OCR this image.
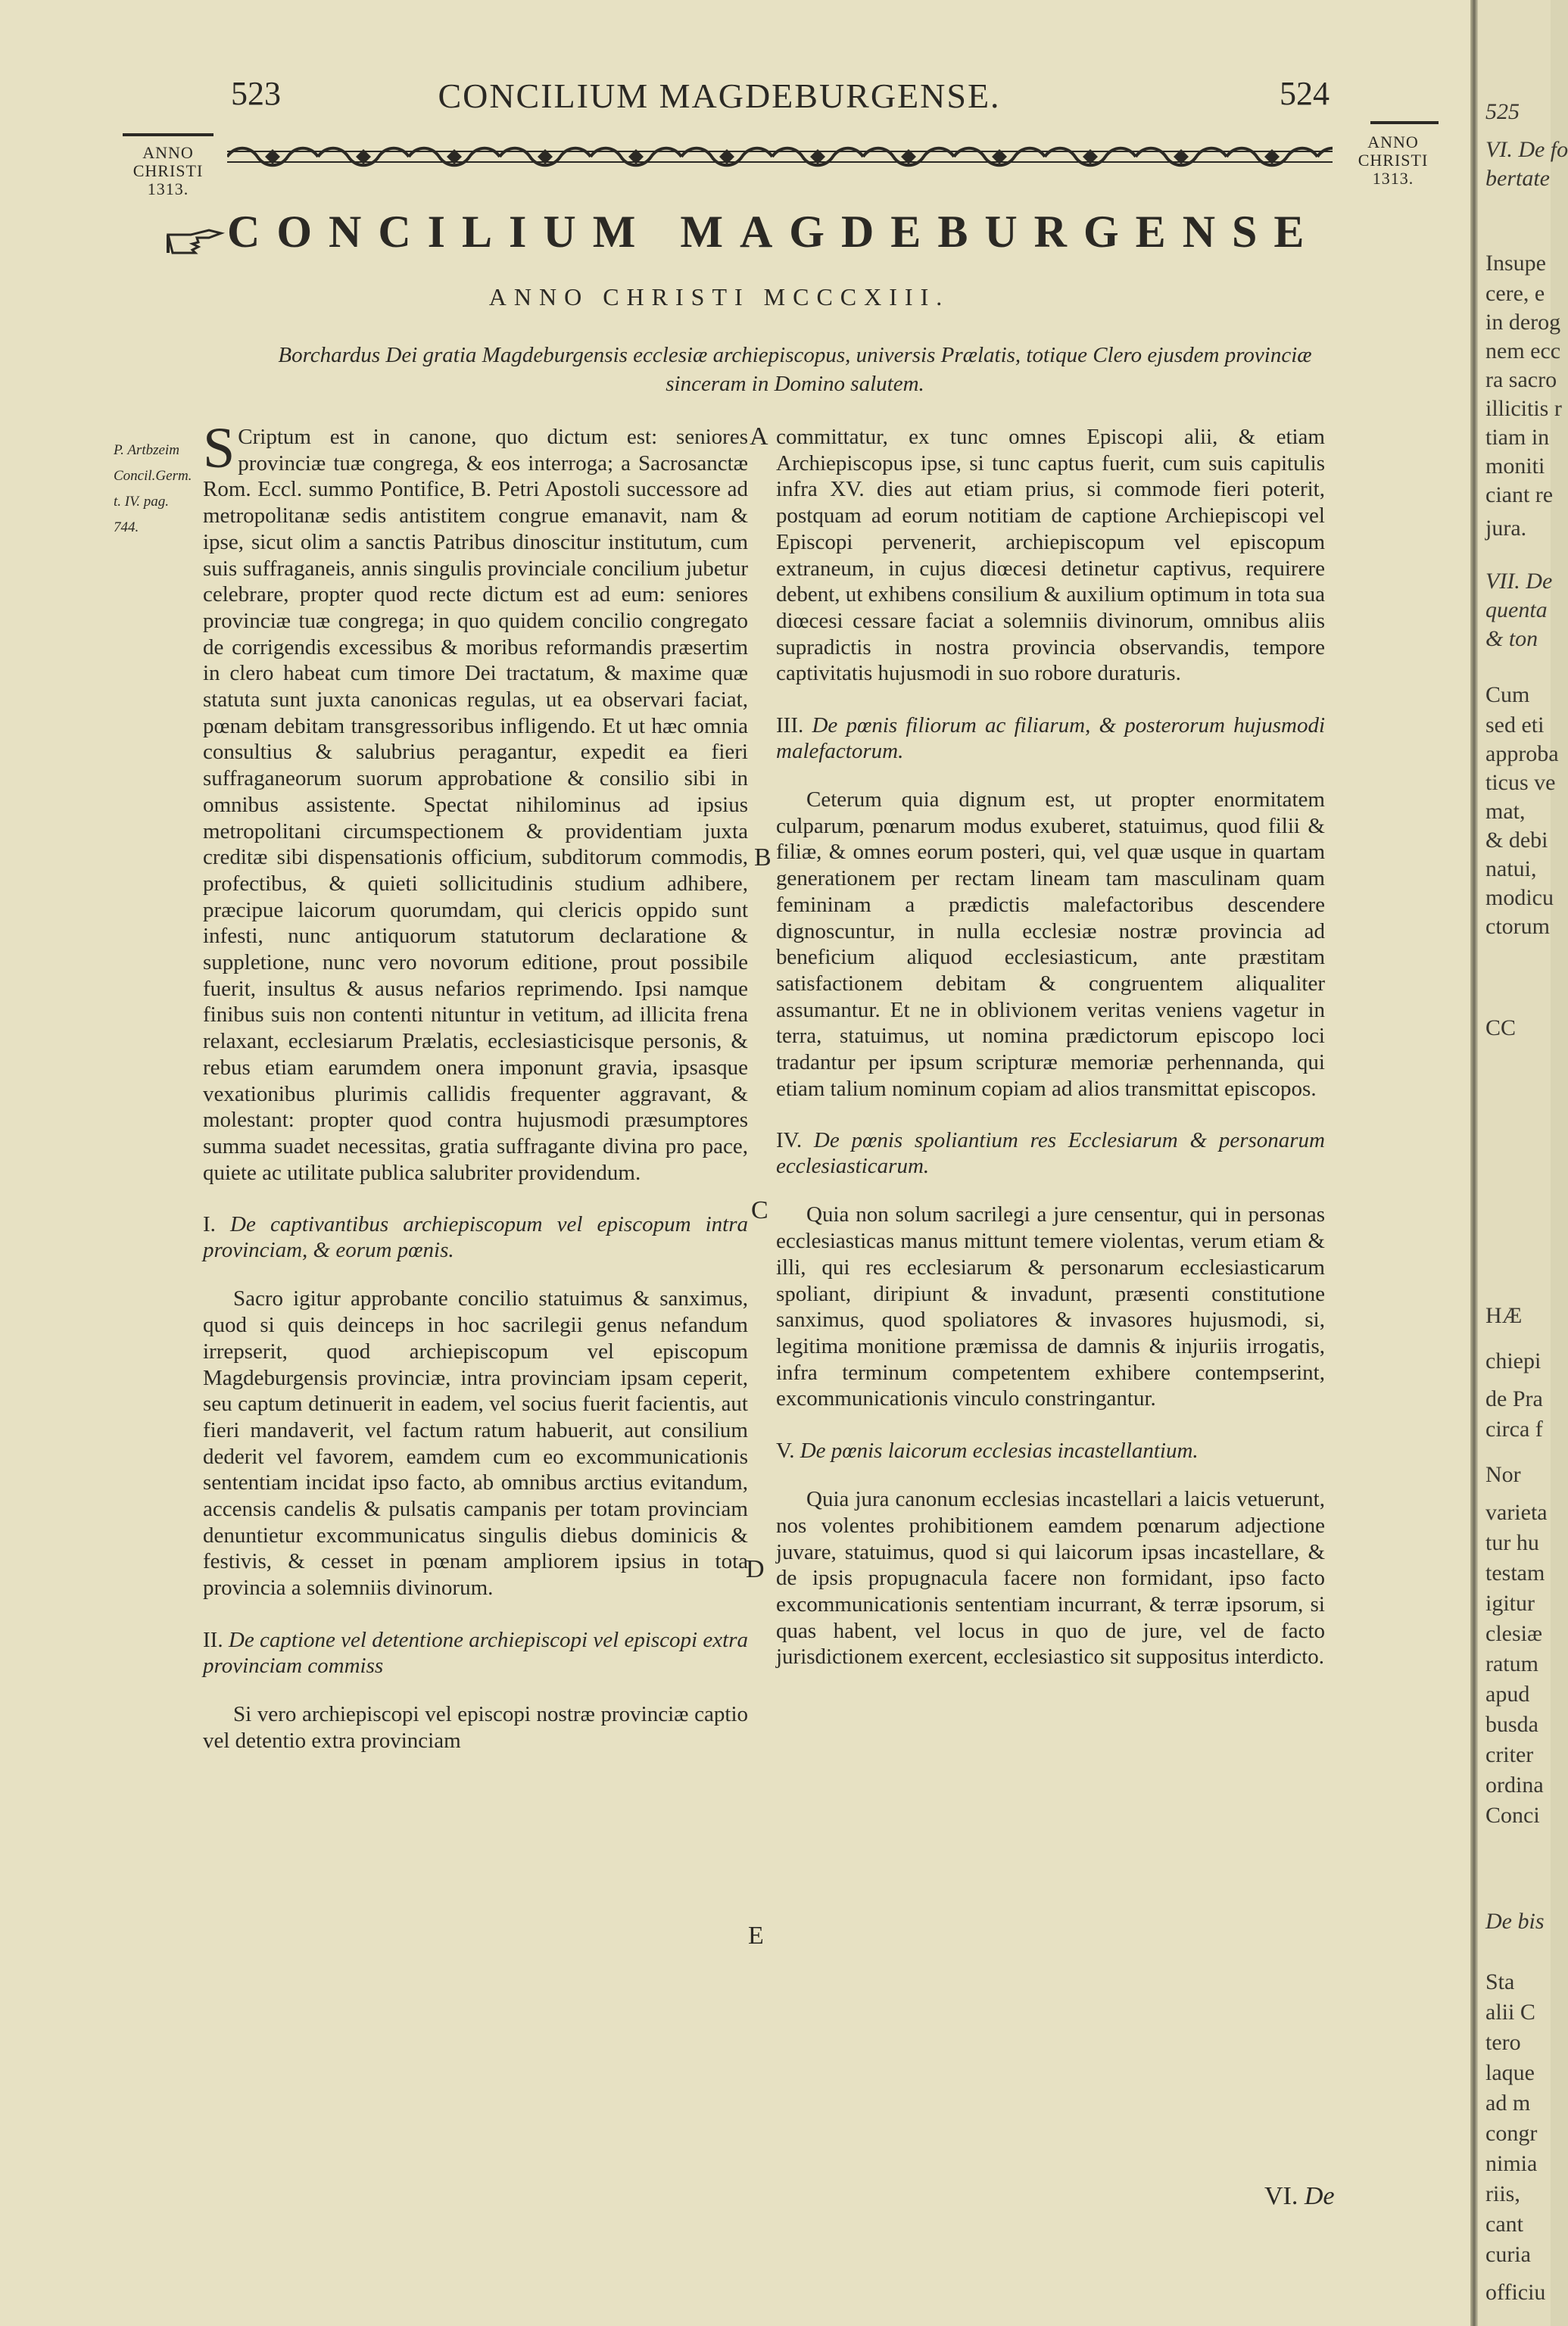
523	CONCILIUM MAGDEBURGENSE.	524
ANNO
CHRISTI
1313.
ANNO
CHRISTI
1313.
CONCILIUM MAGDEBURGENSE
ANNO CHRISTI MCCCXIII.
Borchardus Dei gratia Magdeburgensis ecclesiæ archiepiscopus, universis Prælatis, totique Clero ejusdem provinciæ sinceram in Domino salutem.
P. Artbzeim
Concil.Germ.
t. IV. pag.
744.
A
B
C
D
E

S Criptum est in canone, quo dictum est: seniores provinciæ tuæ congrega, & eos interroga; a Sacrosanctæ Rom. Eccl. summo Pontifice, B. Petri Apostoli successore ad metropolitanæ sedis antistitem congrue emanavit, nam & ipse, sicut olim a sanctis Patribus dinoscitur institutum, cum suis suffraganeis, annis singulis provinciale concilium jubetur celebrare, propter quod recte dictum est ad eum: seniores provinciæ tuæ congrega; in quo quidem concilio congregato de corrigendis excessibus & moribus reformandis præsertim in clero habeat cum timore Dei tractatum, & maxime quæ statuta sunt juxta canonicas regulas, ut ea observari faciat, pœnam debitam transgressoribus infligendo. Et ut hæc omnia consultius & salubrius peragantur, expedit ea fieri suffraganeorum suorum approbatione & consilio sibi in omnibus assistente. Spectat nihilominus ad ipsius metropolitani circumspectionem & providentiam juxta creditæ sibi dispensationis officium, subditorum commodis, profectibus, & quieti sollicitudinis studium adhibere, præcipue laicorum quorumdam, qui clericis oppido sunt infesti, nunc antiquorum statutorum declaratione & suppletione, nunc vero novorum editione, prout possibile fuerit, insultus & ausus nefarios reprimendo. Ipsi namque finibus suis non contenti nituntur in vetitum, ad illicita frena relaxant, ecclesiarum Prælatis, ecclesiasticisque personis, & rebus etiam earumdem onera imponunt gravia, ipsasque vexationibus plurimis callidis frequenter aggravant, & molestant: propter quod contra hujusmodi præsumptores summa suadet necessitas, gratia suffragante divina pro pace, quiete ac utilitate publica salubriter providendum.

I. De captivantibus archiepiscopum vel episcopum intra provinciam, & eorum pœnis.

Sacro igitur approbante concilio statuimus & sanximus, quod si quis deinceps in hoc sacrilegii genus nefandum irrepserit, quod archiepiscopum vel episcopum Magdeburgensis provinciæ, intra provinciam ipsam ceperit, seu captum detinuerit in eadem, vel socius fuerit facientis, aut fieri mandaverit, vel factum ratum habuerit, aut consilium dederit vel favorem, eamdem cum eo excommunicationis sententiam incidat ipso facto, ab omnibus arctius evitandum, accensis candelis & pulsatis campanis per totam provinciam denuntietur excommunicatus singulis diebus dominicis & festivis, & cesset in pœnam ampliorem ipsius in tota provincia a solemniis divinorum.

II. De captione vel detentione archiepiscopi vel episcopi extra provinciam commiss

Si vero archiepiscopi vel episcopi nostræ provinciæ captio vel detentio extra provinciam

committatur, ex tunc omnes Episcopi alii, & etiam Archiepiscopus ipse, si tunc captus fuerit, cum suis capitulis infra XV. dies aut etiam prius, si commode fieri poterit, postquam ad eorum notitiam de captione Archiepiscopi vel Episcopi pervenerit, archiepiscopum vel episcopum extraneum, in cujus diœcesi detinetur captivus, requirere debent, ut exhibens consilium & auxilium optimum in tota sua diœcesi cessare faciat a solemniis divinorum, omnibus aliis supradictis in nostra provincia observandis, tempore captivitatis hujusmodi in suo robore duraturis.

III. De pœnis filiorum ac filiarum, & posterorum hujusmodi malefactorum.

Ceterum quia dignum est, ut propter enormitatem culparum, pœnarum modus exuberet, statuimus, quod filii & filiæ, & omnes eorum posteri, qui, vel quæ usque in quartam generationem per rectam lineam tam masculinam quam femininam a prædictis malefactoribus descendere dignoscuntur, in nulla ecclesiæ nostræ provincia ad beneficium aliquod ecclesiasticum, ante præstitam satisfactionem debitam & congruentem aliqualiter assumantur. Et ne in oblivionem veritas veniens vagetur in terra, statuimus, ut nomina prædictorum episcopo loci tradantur per ipsum scripturæ memoriæ perhennanda, qui etiam talium nominum copiam ad alios transmittat episcopos.

IV. De pœnis spoliantium res Ecclesiarum & personarum ecclesiasticarum.

Quia non solum sacrilegi a jure censentur, qui in personas ecclesiasticas manus mittunt temere violentas, verum etiam & illi, qui res ecclesiarum & personarum ecclesiasticarum spoliant, diripiunt & invadunt, præsenti constitutione sanximus, quod spoliatores & invasores hujusmodi, si, legitima monitione præmissa de damnis & injuriis irrogatis, infra terminum competentem exhibere contempserint, excommunicationis vinculo constringantur.

V. De pœnis laicorum ecclesias incastellantium.

Quia jura canonum ecclesias incastellari a laicis vetuerunt, nos volentes prohibitionem eamdem pœnarum adjectione juvare, statuimus, quod si qui laicorum ipsas incastellare, & de ipsis propugnacula facere non formidant, ipso facto excommunicationis sententiam incurrant, & terræ ipsorum, si quas habent, vel locus in quo de jure, vel de facto jurisdictionem exercent, ecclesiastico sit suppositus interdicto.

VI. De
525
VI. De fo
bertate
Insupe
cere, e
in derog
nem ecc
ra sacro
illicitis r
tiam in
moniti
ciant re
jura.
VII. De
quenta
& ton
Cum
sed eti
approba
ticus ve
mat,
& debi
natui,
modicu
ctorum
CC
HÆ
chiepi
de Pra
circa f
Nor
varieta
tur hu
testam
igitur
clesiæ
ratum
apud
busda
criter
ordina
Conci
De bis
Sta
alii C
tero
laque
ad m
congr
nimia
riis,
cant
curia
officiu
